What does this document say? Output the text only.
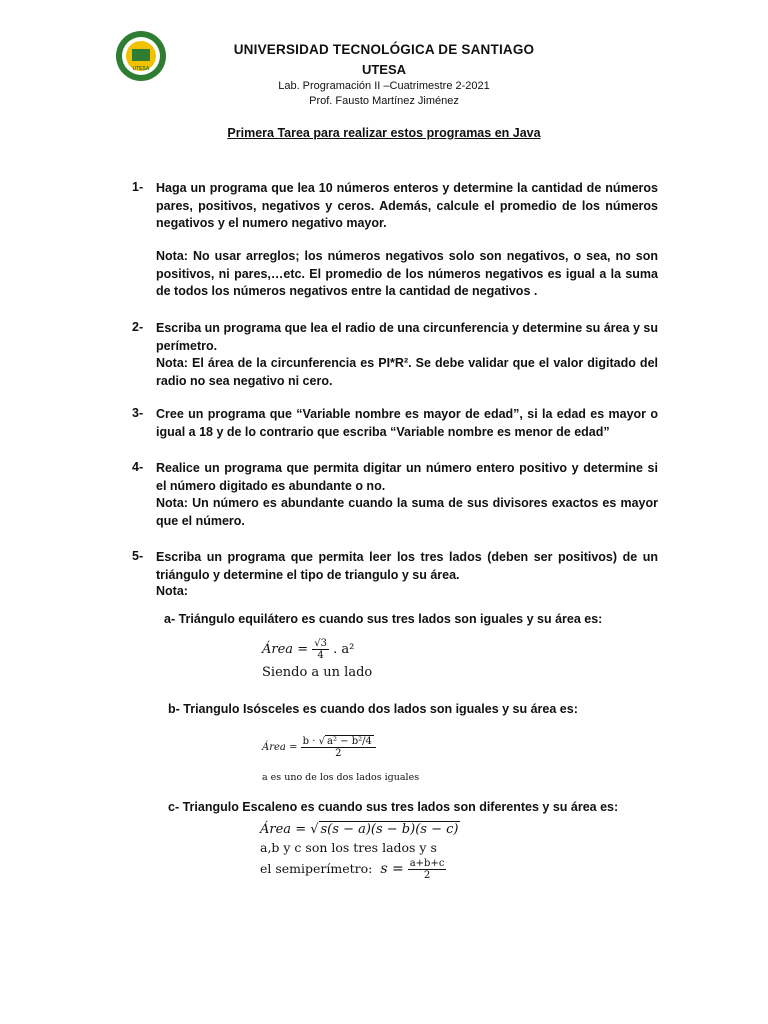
UTESA
UNIVERSIDAD TECNOLÓGICA DE SANTIAGO
UTESA
Lab. Programación II –Cuatrimestre 2-2021
Prof. Fausto Martínez Jiménez
Primera Tarea para realizar estos programas en Java
1- Haga un programa que lea 10 números enteros y determine la cantidad de números pares, positivos, negativos y ceros. Además, calcule el promedio de los números negativos y el numero negativo mayor.

Nota: No usar arreglos; los números negativos solo son negativos, o sea, no son positivos, ni pares,…etc. El promedio de los números negativos es igual a la suma de todos los números negativos entre la cantidad de negativos .

2- Escriba un programa que lea el radio de una circunferencia y determine su área y su perímetro.

Nota: El área de la circunferencia es PI*R². Se debe validar que el valor digitado del radio no sea negativo ni cero.

3- Cree un programa que “Variable nombre es mayor de edad”, si la edad es mayor o igual a 18 y de lo contrario que escriba “Variable nombre es menor de edad”

4- Realice un programa que permita digitar un número entero positivo y determine si el número digitado es abundante o no.

Nota: Un número es abundante cuando la suma de sus divisores exactos es mayor que el número.

5- Escriba un programa que permita leer los tres lados (deben ser positivos) de un triángulo y determine el tipo de triangulo y su área.

Nota:
a- Triángulo equilátero es cuando sus tres lados son iguales y su área es:
Área = $\frac{√3}{4}$ . a²
Siendo a un lado
b- Triangulo Isósceles es cuando dos lados son iguales y su área es:
Área = $\frac{\text{b · √ a² − b²/4}}{2}$
a es uno de los dos lados iguales
c- Triangulo Escaleno es cuando sus tres lados son diferentes y su área es:
Área = √ s(s − a)(s − b)(s − c)
a,b y c son los tres lados y s
el semiperímetro: $s = \frac{a+b+c}{2}$
